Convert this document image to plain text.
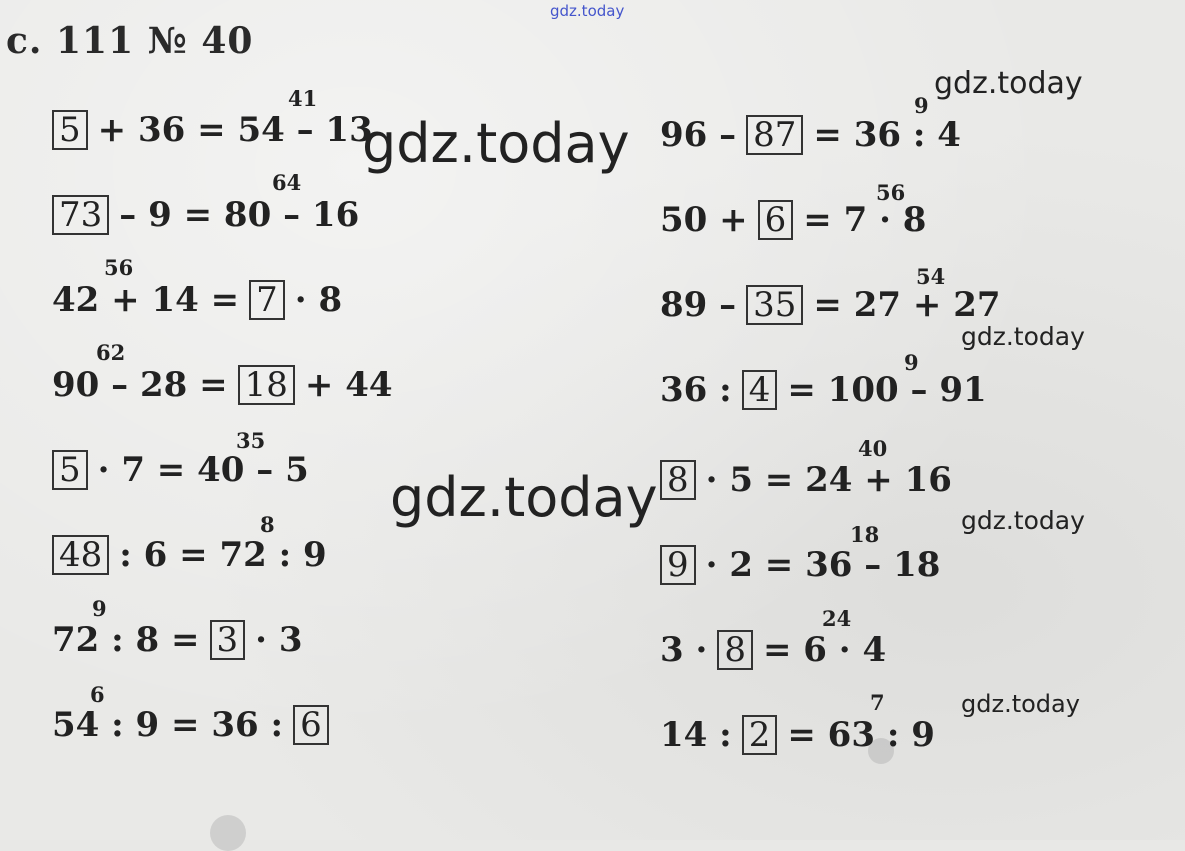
с. 111 № 40
gdz.today
5 + 36 = 54 – 13
41
73 – 9 = 80 – 16
64
42 + 14 = 7 · 8
56
90 – 28 = 18 + 44
62
5 · 7 = 40 – 5
35
48 : 6 = 72 : 9
8
72 : 8 = 3 · 3
9
54 : 9 = 36 : 6
6
96 – 87 = 36 : 4
9
50 + 6 = 7 · 8
56
89 – 35 = 27 + 27
54
36 : 4 = 100 – 91
9
8 · 5 = 24 + 16
40
9 · 2 = 36 – 18
18
3 · 8 = 6 · 4
24
14 : 2 = 63 : 9
7
gdz.today
gdz.today
gdz.today
gdz.today
gdz.today
gdz.today
